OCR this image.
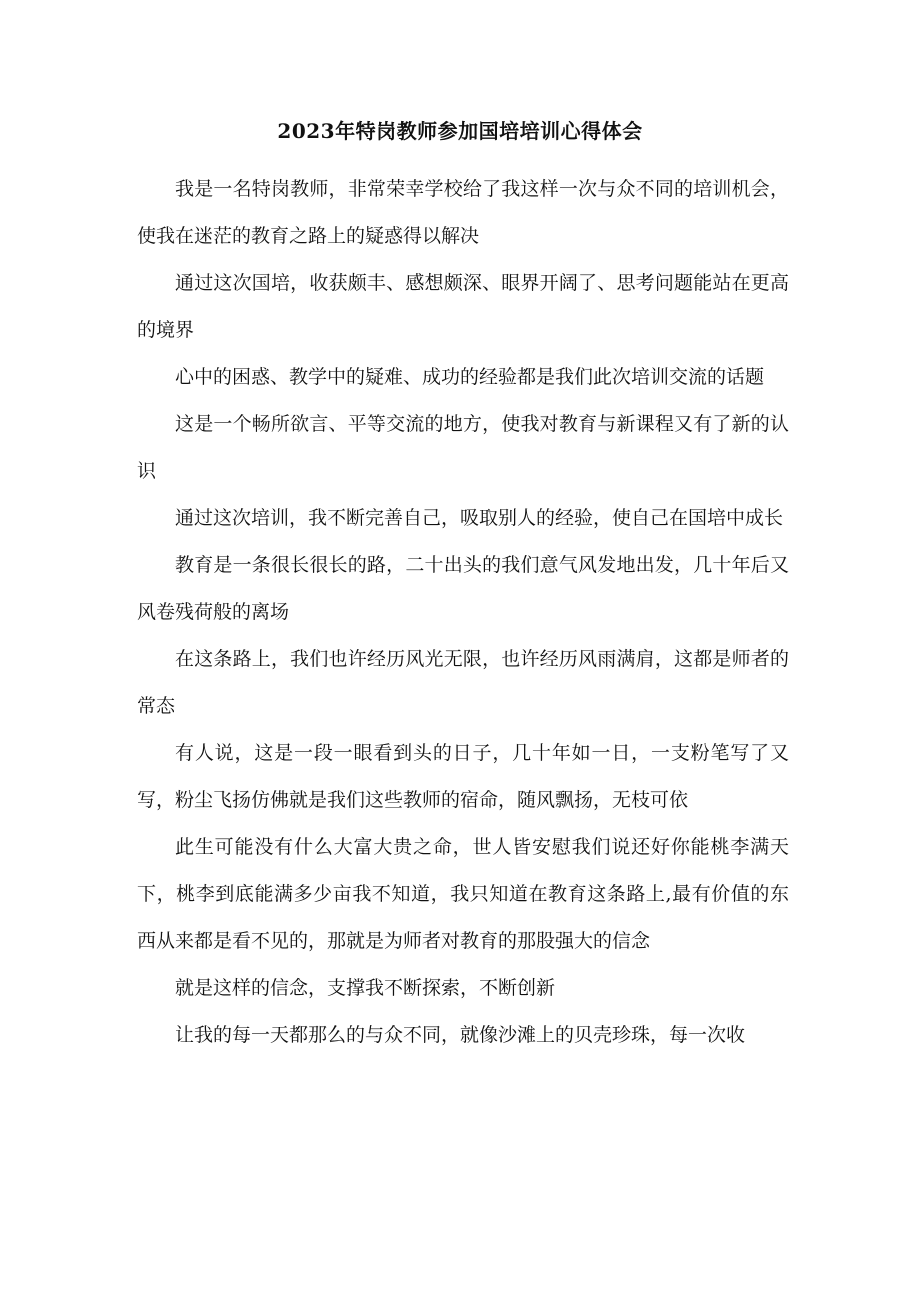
2023年特岗教师参加国培培训心得体会

我是一名特岗教师，非常荣幸学校给了我这样一次与众不同的培训机会，使我在迷茫的教育之路上的疑惑得以解决

通过这次国培，收获颇丰、感想颇深、眼界开阔了、思考问题能站在更高的境界

心中的困惑、教学中的疑难、成功的经验都是我们此次培训交流的话题

这是一个畅所欲言、平等交流的地方，使我对教育与新课程又有了新的认识

通过这次培训，我不断完善自己，吸取别人的经验，使自己在国培中成长

教育是一条很长很长的路，二十出头的我们意气风发地出发，几十年后又风卷残荷般的离场

在这条路上，我们也许经历风光无限，也许经历风雨满肩，这都是师者的常态

有人说，这是一段一眼看到头的日子，几十年如一日，一支粉笔写了又写，粉尘飞扬仿佛就是我们这些教师的宿命，随风飘扬，无枝可依

此生可能没有什么大富大贵之命，世人皆安慰我们说还好你能桃李满天下，桃李到底能满多少亩我不知道，我只知道在教育这条路上,最有价值的东西从来都是看不见的，那就是为师者对教育的那股强大的信念

就是这样的信念，支撑我不断探索，不断创新

让我的每一天都那么的与众不同，就像沙滩上的贝壳珍珠，每一次收
